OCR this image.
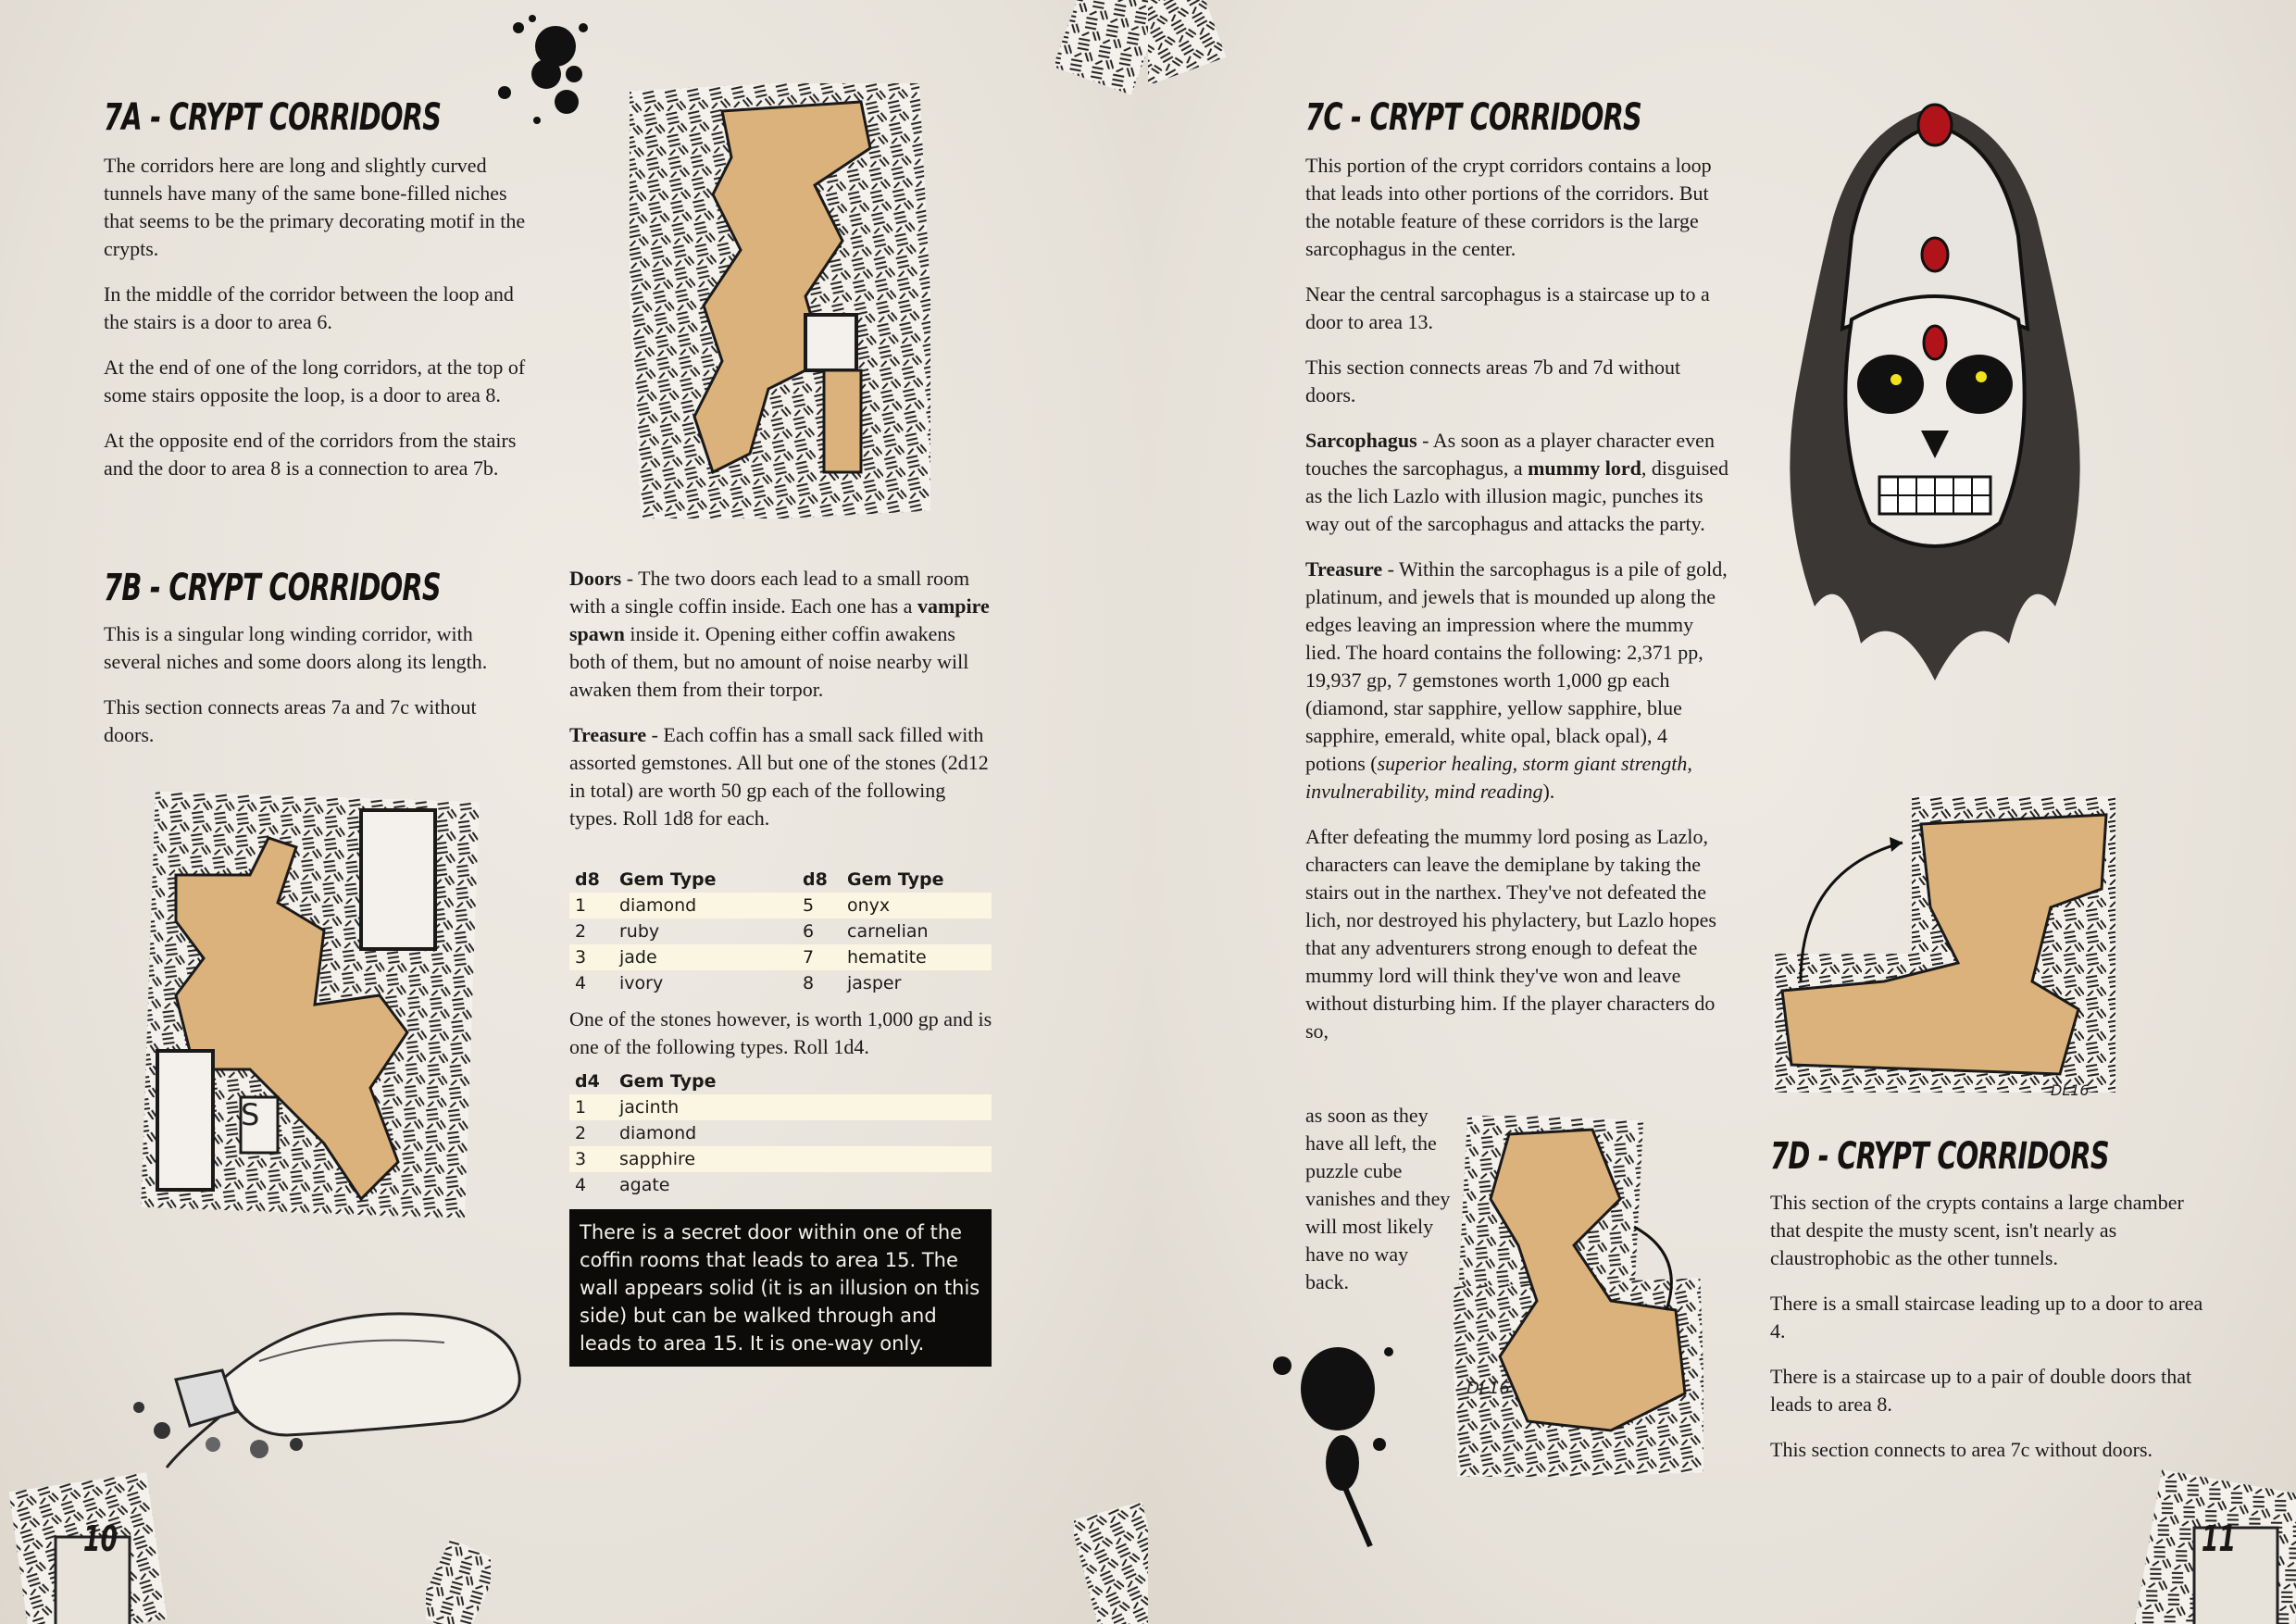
7A - CRYPT CORRIDORS

The corridors here are long and slightly curved tunnels have many of the same bone-filled niches that seems to be the primary decorating motif in the crypts.

In the middle of the corridor between the loop and the stairs is a door to area 6.

At the end of one of the long corridors, at the top of some stairs opposite the loop, is a door to area 8.

At the opposite end of the corridors from the stairs and the door to area 8 is a connection to area 7b.

7B - CRYPT CORRIDORS

This is a singular long winding corridor, with several niches and some doors along its length.

This section connects areas 7a and 7c without doors.

S

Doors - The two doors each lead to a small room with a single coffin inside. Each one has a vampire spawn inside it. Opening either coffin awakens both of them, but no amount of noise nearby will awaken them from their torpor.

Treasure - Each coffin has a small sack filled with assorted gemstones. All but one of the stones (2d12 in total) are worth 50 gp each of the following types. Roll 1d8 for each.

d8	Gem Type	d8	Gem Type
1	diamond	5	onyx
2	ruby	6	carnelian
3	jade	7	hematite
4	ivory	8	jasper

One of the stones however, is worth 1,000 gp and is one of the following types. Roll 1d4.

d4	Gem Type
1	jacinth
2	diamond
3	sapphire
4	agate
There is a secret door within one of the coffin rooms that leads to area 15. The wall appears solid (it is an illusion on this side) but can be walked through and leads to area 15. It is one-way only.
10
7C - CRYPT CORRIDORS

This portion of the crypt corridors contains a loop that leads into other portions of the corridors. But the notable feature of these corridors is the large sarcophagus in the center.

Near the central sarcophagus is a staircase up to a door to area 13.

This section connects areas 7b and 7d without doors.

Sarcophagus - As soon as a player character even touches the sarcophagus, a mummy lord, disguised as the lich Lazlo with illusion magic, punches its way out of the sarcophagus and attacks the party.

Treasure - Within the sarcophagus is a pile of gold, platinum, and jewels that is mounded up along the edges leaving an impression where the mummy lied. The hoard contains the following: 2,371 pp, 19,937 gp, 7 gemstones worth 1,000 gp each (diamond, star sapphire, yellow sapphire, blue sapphire, emerald, white opal, black opal), 4 potions (superior healing, storm giant strength, invulnerability, mind reading).

After defeating the mummy lord posing as Lazlo, characters can leave the demiplane by taking the stairs out in the narthex. They've not defeated the lich, nor destroyed his phylactery, but Lazlo hopes that any adventurers strong enough to defeat the mummy lord will think they've won and leave without disturbing him. If the player characters do so,

as soon as they have all left, the puzzle cube vanishes and they will most likely have no way back.
DL16
DL16
7D - CRYPT CORRIDORS

This section of the crypts contains a large chamber that despite the musty scent, isn't nearly as claustrophobic as the other tunnels.

There is a small staircase leading up to a door to area 4.

There is a staircase up to a pair of double doors that leads to area 8.

This section connects to area 7c without doors.

11
